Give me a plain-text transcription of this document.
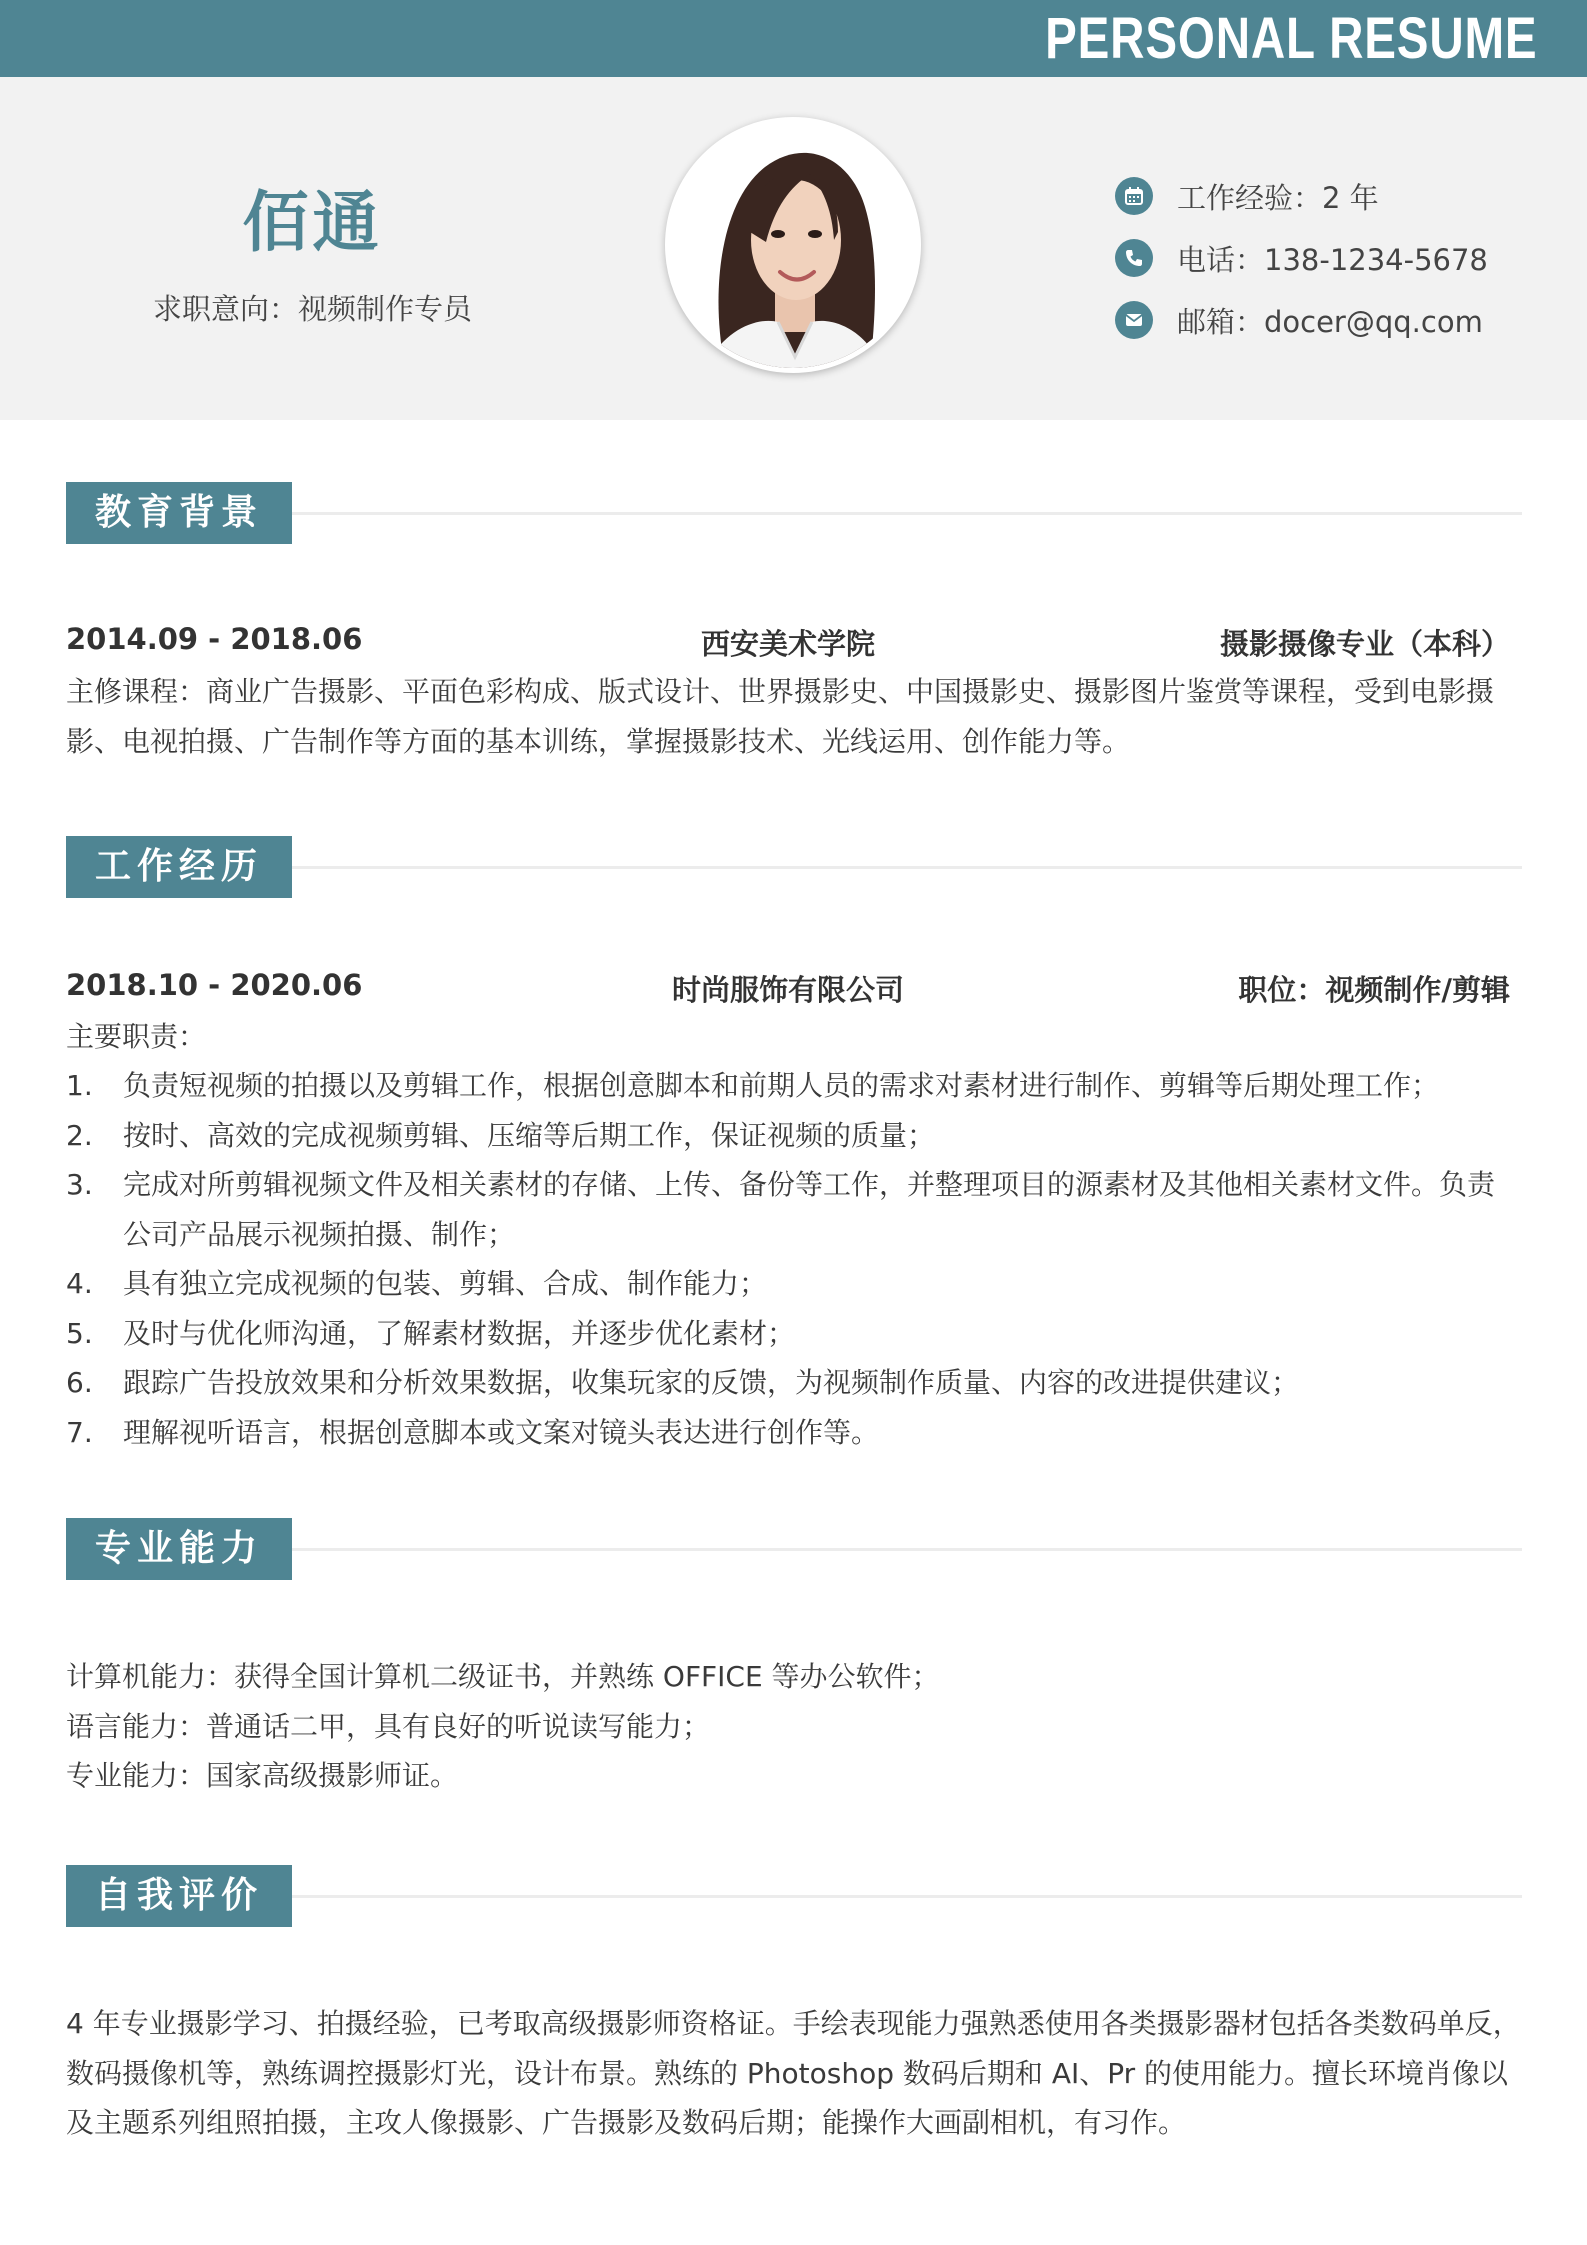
PERSONAL RESUME
佰通
求职意向：视频制作专员
工作经验：2 年
电话：138-1234-5678
邮箱：docer@qq.com
教育背景
2014.09 - 2018.06	西安美术学院	摄影摄像专业（本科）
主修课程：商业广告摄影、平面色彩构成、版式设计、世界摄影史、中国摄影史、摄影图片鉴赏等课程，受到电影摄影、电视拍摄、广告制作等方面的基本训练，掌握摄影技术、光线运用、创作能力等。
工作经历
2018.10 - 2020.06	时尚服饰有限公司	职位：视频制作/剪辑
主要职责：
1.	负责短视频的拍摄以及剪辑工作，根据创意脚本和前期人员的需求对素材进行制作、剪辑等后期处理工作；
2.	按时、高效的完成视频剪辑、压缩等后期工作，保证视频的质量；
3.	完成对所剪辑视频文件及相关素材的存储、上传、备份等工作，并整理项目的源素材及其他相关素材文件。负责公司产品展示视频拍摄、制作；
4.	具有独立完成视频的包装、剪辑、合成、制作能力；
5.	及时与优化师沟通，了解素材数据，并逐步优化素材；
6.	跟踪广告投放效果和分析效果数据，收集玩家的反馈，为视频制作质量、内容的改进提供建议；
7.	理解视听语言，根据创意脚本或文案对镜头表达进行创作等。
专业能力
计算机能力：获得全国计算机二级证书，并熟练 OFFICE 等办公软件；
语言能力：普通话二甲，具有良好的听说读写能力；
专业能力：国家高级摄影师证。
自我评价
4 年专业摄影学习、拍摄经验，已考取高级摄影师资格证。手绘表现能力强熟悉使用各类摄影器材包括各类数码单反，数码摄像机等，熟练调控摄影灯光，设计布景。熟练的 Photoshop 数码后期和 AI、Pr 的使用能力。擅长环境肖像以及主题系列组照拍摄，主攻人像摄影、广告摄影及数码后期；能操作大画副相机，有习作。
